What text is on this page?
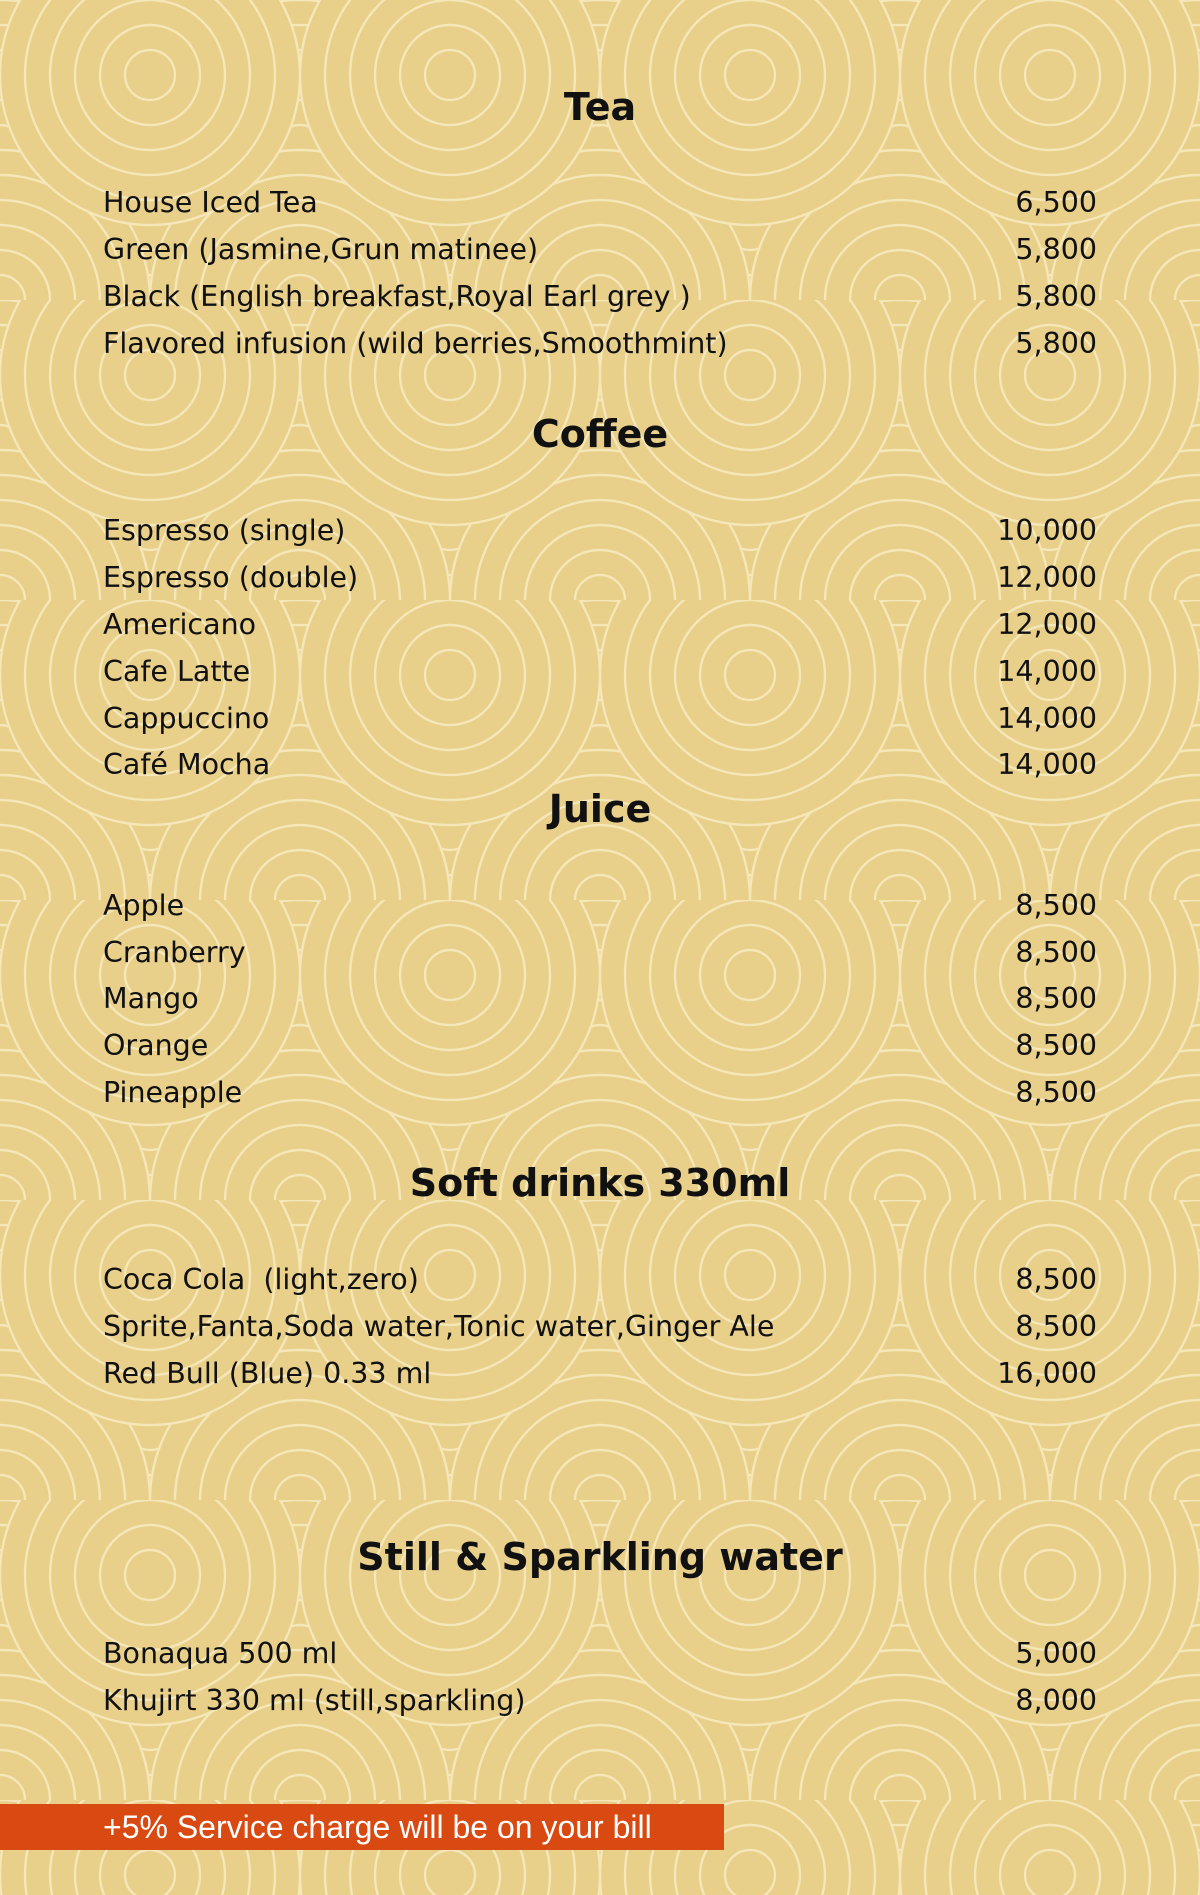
Tea
House Iced Tea	6,500
Green (Jasmine,Grun matinee)	5,800
Black (English breakfast,Royal Earl grey )	5,800
Flavored infusion (wild berries,Smoothmint)	5,800
Coffee
Espresso (single)	10,000
Espresso (double)	12,000
Americano	12,000
Cafe Latte	14,000
Cappuccino	14,000
Café Mocha	14,000
Juice
Apple	8,500
Cranberry	8,500
Mango	8,500
Orange	8,500
Pineapple	8,500
Soft drinks 330ml
Coca Cola  (light,zero)	8,500
Sprite,Fanta,Soda water,Tonic water,Ginger Ale	8,500
Red Bull (Blue) 0.33 ml	16,000
Still & Sparkling water
Bonaqua 500 ml	5,000
Khujirt 330 ml (still,sparkling)	8,000
+5% Service charge will be on your bill
